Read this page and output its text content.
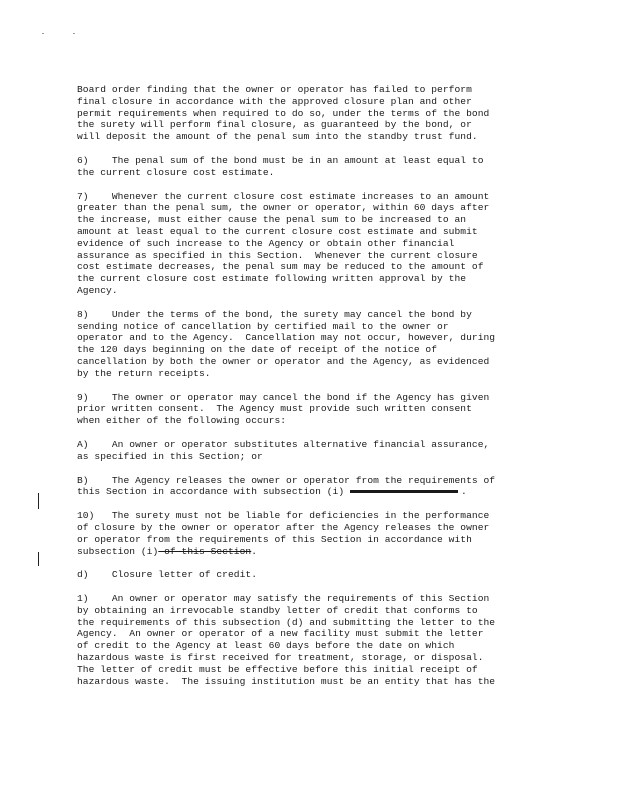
Board order finding that the owner or operator has failed to perform
final closure in accordance with the approved closure plan and other
permit requirements when required to do so, under the terms of the bond
the surety will perform final closure, as guaranteed by the bond, or
will deposit the amount of the penal sum into the standby trust fund.
6)    The penal sum of the bond must be in an amount at least equal to
the current closure cost estimate.
7)    Whenever the current closure cost estimate increases to an amount
greater than the penal sum, the owner or operator, within 60 days after
the increase, must either cause the penal sum to be increased to an
amount at least equal to the current closure cost estimate and submit
evidence of such increase to the Agency or obtain other financial
assurance as specified in this Section.  Whenever the current closure
cost estimate decreases, the penal sum may be reduced to the amount of
the current closure cost estimate following written approval by the
Agency.
8)    Under the terms of the bond, the surety may cancel the bond by
sending notice of cancellation by certified mail to the owner or
operator and to the Agency.  Cancellation may not occur, however, during
the 120 days beginning on the date of receipt of the notice of
cancellation by both the owner or operator and the Agency, as evidenced
by the return receipts.
9)    The owner or operator may cancel the bond if the Agency has given
prior written consent.  The Agency must provide such written consent
when either of the following occurs:
A)    An owner or operator substitutes alternative financial assurance,
as specified in this Section; or
B)    The Agency releases the owner or operator from the requirements of
this Section in accordance with subsection (i)	.
10)   The surety must not be liable for deficiencies in the performance
of closure by the owner or operator after the Agency releases the owner
or operator from the requirements of this Section in accordance with
subsection (i) of this Section.
d)    Closure letter of credit.
1)    An owner or operator may satisfy the requirements of this Section
by obtaining an irrevocable standby letter of credit that conforms to
the requirements of this subsection (d) and submitting the letter to the
Agency.  An owner or operator of a new facility must submit the letter
of credit to the Agency at least 60 days before the date on which
hazardous waste is first received for treatment, storage, or disposal.
The letter of credit must be effective before this initial receipt of
hazardous waste.  The issuing institution must be an entity that has the
